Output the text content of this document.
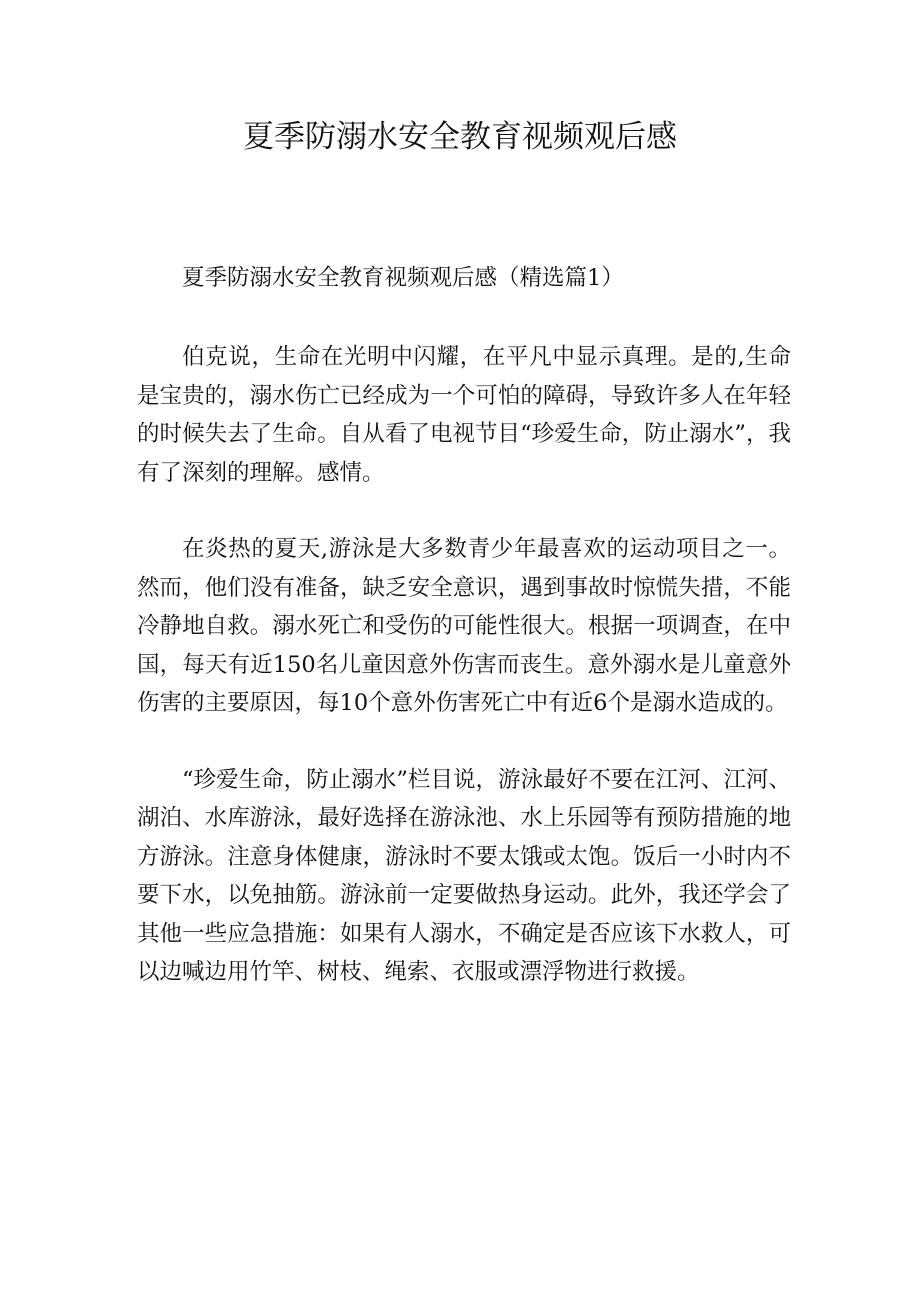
夏季防溺水安全教育视频观后感

夏季防溺水安全教育视频观后感（精选篇1）

伯克说，生命在光明中闪耀，在平凡中显示真理。是的,生命是宝贵的，溺水伤亡已经成为一个可怕的障碍，导致许多人在年轻的时候失去了生命。自从看了电视节目“珍爱生命，防止溺水”，我有了深刻的理解。感情。

在炎热的夏天,游泳是大多数青少年最喜欢的运动项目之一。然而，他们没有准备，缺乏安全意识，遇到事故时惊慌失措，不能冷静地自救。溺水死亡和受伤的可能性很大。根据一项调查，在中国，每天有近150名儿童因意外伤害而丧生。意外溺水是儿童意外伤害的主要原因，每10个意外伤害死亡中有近6个是溺水造成的。

“珍爱生命，防止溺水”栏目说，游泳最好不要在江河、江河、湖泊、水库游泳，最好选择在游泳池、水上乐园等有预防措施的地方游泳。注意身体健康，游泳时不要太饿或太饱。饭后一小时内不要下水，以免抽筋。游泳前一定要做热身运动。此外，我还学会了其他一些应急措施：如果有人溺水，不确定是否应该下水救人，可以边喊边用竹竿、树枝、绳索、衣服或漂浮物进行救援。
